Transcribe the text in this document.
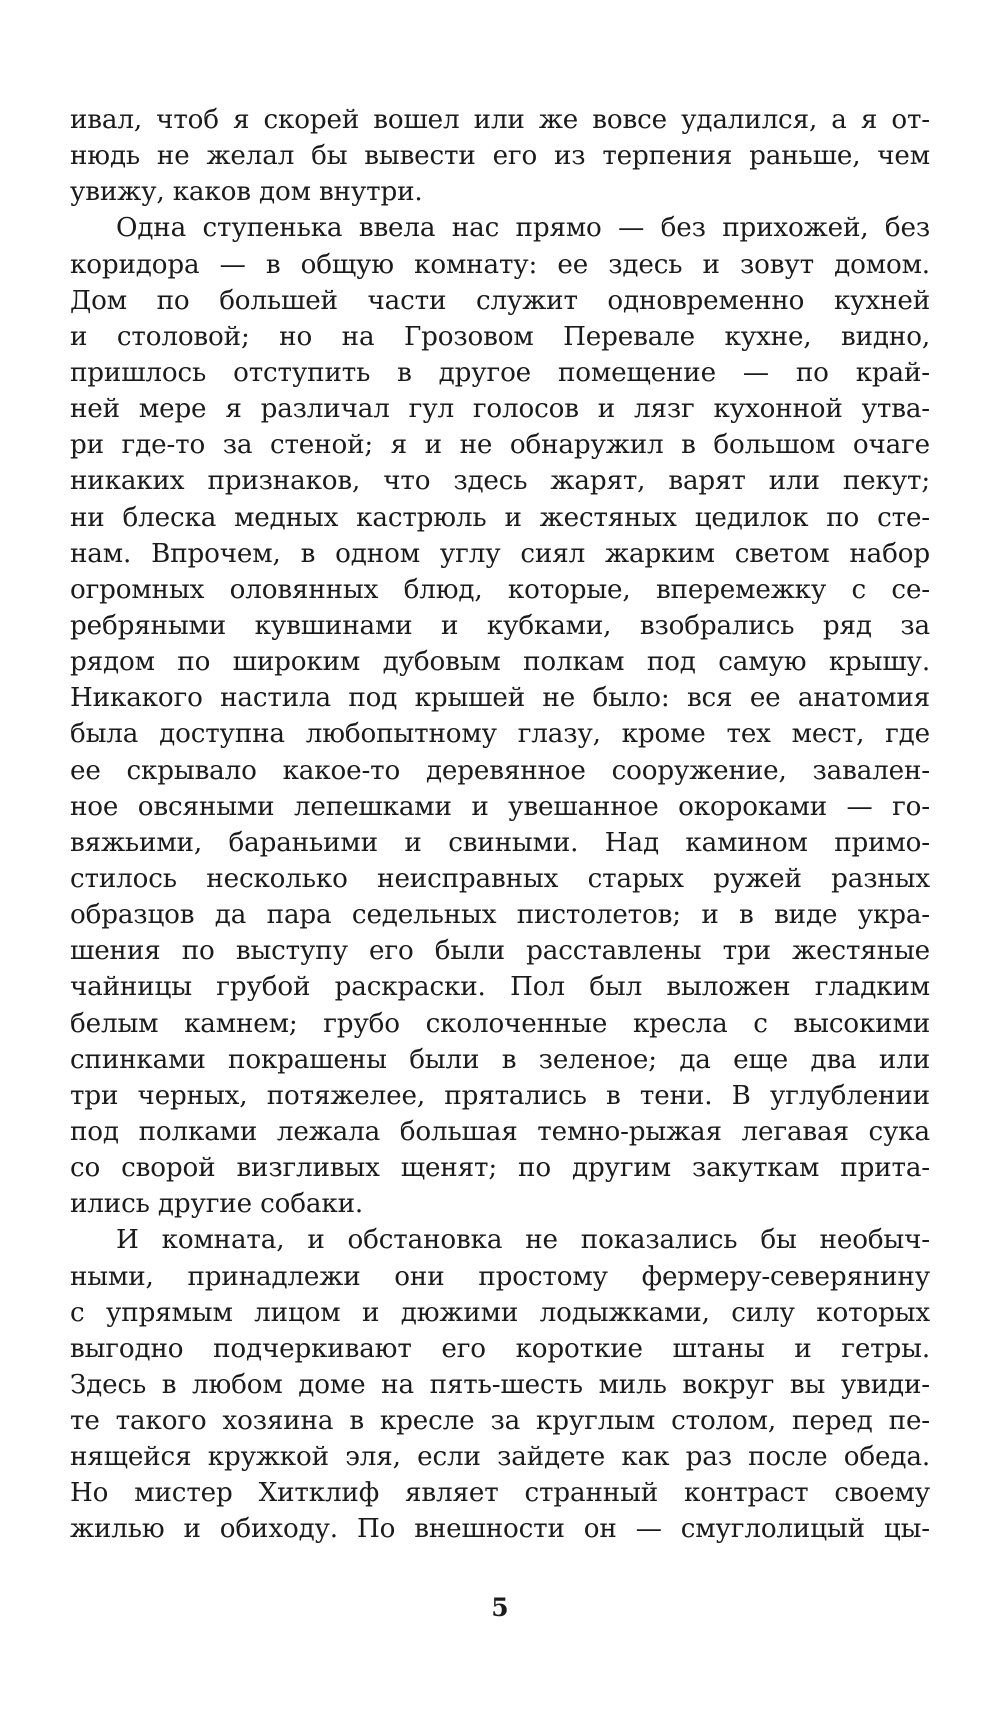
ивал, чтоб я скорей вошел или же вовсе удалился, а я от-
нюдь не желал бы вывести его из терпения раньше, чем
увижу, каков дом внутри.
Одна ступенька ввела нас прямо — без прихожей, без
коридора — в общую комнату: ее здесь и зовут домом.
Дом по большей части служит одновременно кухней
и столовой; но на Грозовом Перевале кухне, видно,
пришлось отступить в другое помещение — по край-
ней мере я различал гул голосов и лязг кухонной утва-
ри где-то за стеной; я и не обнаружил в большом очаге
никаких признаков, что здесь жарят, варят или пекут;
ни блеска медных кастрюль и жестяных цедилок по сте-
нам. Впрочем, в одном углу сиял жарким светом набор
огромных оловянных блюд, которые, вперемежку с се-
ребряными кувшинами и кубками, взобрались ряд за
рядом по широким дубовым полкам под самую крышу.
Никакого настила под крышей не было: вся ее анатомия
была доступна любопытному глазу, кроме тех мест, где
ее скрывало какое-то деревянное сооружение, завален-
ное овсяными лепешками и увешанное окороками — го-
вяжьими, бараньими и свиными. Над камином примо-
стилось несколько неисправных старых ружей разных
образцов да пара седельных пистолетов; и в виде укра-
шения по выступу его были расставлены три жестяные
чайницы грубой раскраски. Пол был выложен гладким
белым камнем; грубо сколоченные кресла с высокими
спинками покрашены были в зеленое; да еще два или
три черных, потяжелее, прятались в тени. В углублении
под полками лежала большая темно-рыжая легавая сука
со сворой визгливых щенят; по другим закуткам прита-
ились другие собаки.
И комната, и обстановка не показались бы необыч-
ными, принадлежи они простому фермеру-северянину
с упрямым лицом и дюжими лодыжками, силу которых
выгодно подчеркивают его короткие штаны и гетры.
Здесь в любом доме на пять-шесть миль вокруг вы увиди-
те такого хозяина в кресле за круглым столом, перед пе-
нящейся кружкой эля, если зайдете как раз после обеда.
Но мистер Хитклиф являет странный контраст своему
жилью и обиходу. По внешности он — смуглолицый цы-
5
